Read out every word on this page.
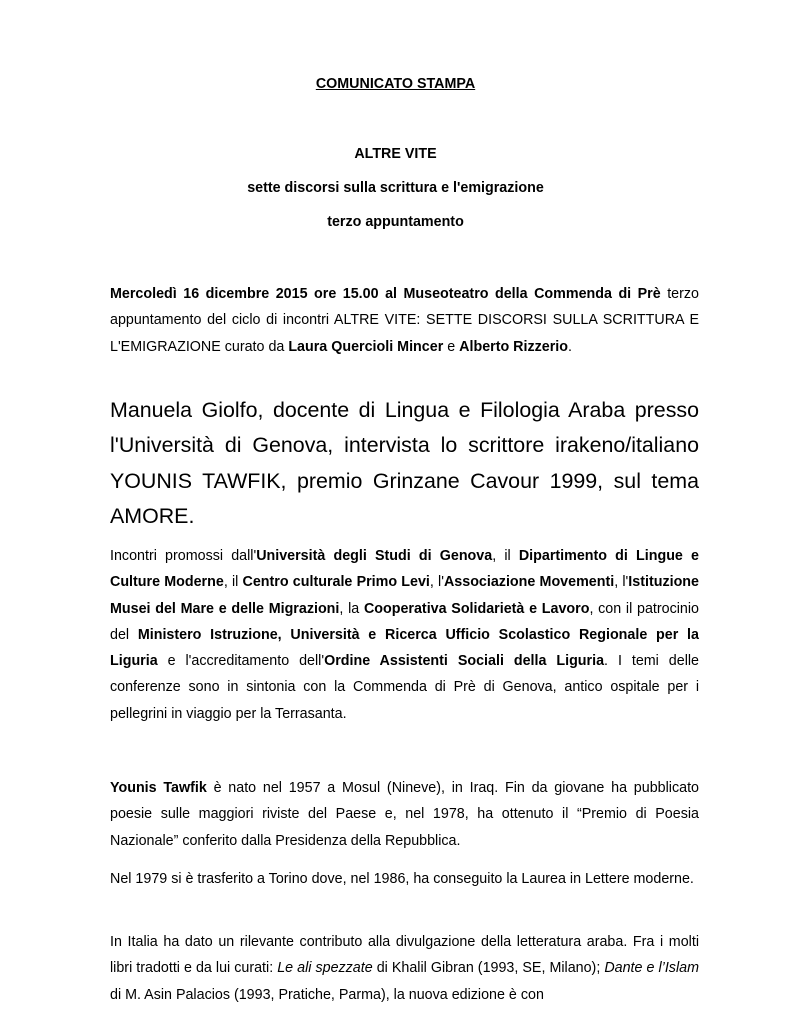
COMUNICATO STAMPA
ALTRE VITE
sette discorsi sulla scrittura e l'emigrazione
terzo appuntamento
Mercoledì 16 dicembre 2015 ore 15.00 al Museoteatro della Commenda di Prè terzo appuntamento del ciclo di incontri ALTRE VITE: SETTE DISCORSI SULLA SCRITTURA E L'EMIGRAZIONE curato da Laura Quercioli Mincer e Alberto Rizzerio.
Manuela Giolfo, docente di Lingua e Filologia Araba presso l'Università di Genova, intervista lo scrittore irakeno/italiano YOUNIS TAWFIK, premio Grinzane Cavour 1999, sul tema AMORE.
Incontri promossi dall'Università degli Studi di Genova, il Dipartimento di Lingue e Culture Moderne, il Centro culturale Primo Levi, l'Associazione Movementi, l'Istituzione Musei del Mare e delle Migrazioni, la Cooperativa Solidarietà e Lavoro, con il patrocinio del Ministero Istruzione, Università e Ricerca Ufficio Scolastico Regionale per la Liguria e l'accreditamento dell'Ordine Assistenti Sociali della Liguria. I temi delle conferenze sono in sintonia con la Commenda di Prè di Genova, antico ospitale per i pellegrini in viaggio per la Terrasanta.
Younis Tawfik è nato nel 1957 a Mosul (Nineve), in Iraq. Fin da giovane ha pubblicato poesie sulle maggiori riviste del Paese e, nel 1978, ha ottenuto il “Premio di Poesia Nazionale” conferito dalla Presidenza della Repubblica.
Nel 1979 si è trasferito a Torino dove, nel 1986, ha conseguito la Laurea in Lettere moderne.
In Italia ha dato un rilevante contributo alla divulgazione della letteratura araba. Fra i molti libri tradotti e da lui curati: Le ali spezzate di Khalil Gibran (1993, SE, Milano); Dante e l’Islam di M. Asin Palacios (1993, Pratiche, Parma), la nuova edizione è con
